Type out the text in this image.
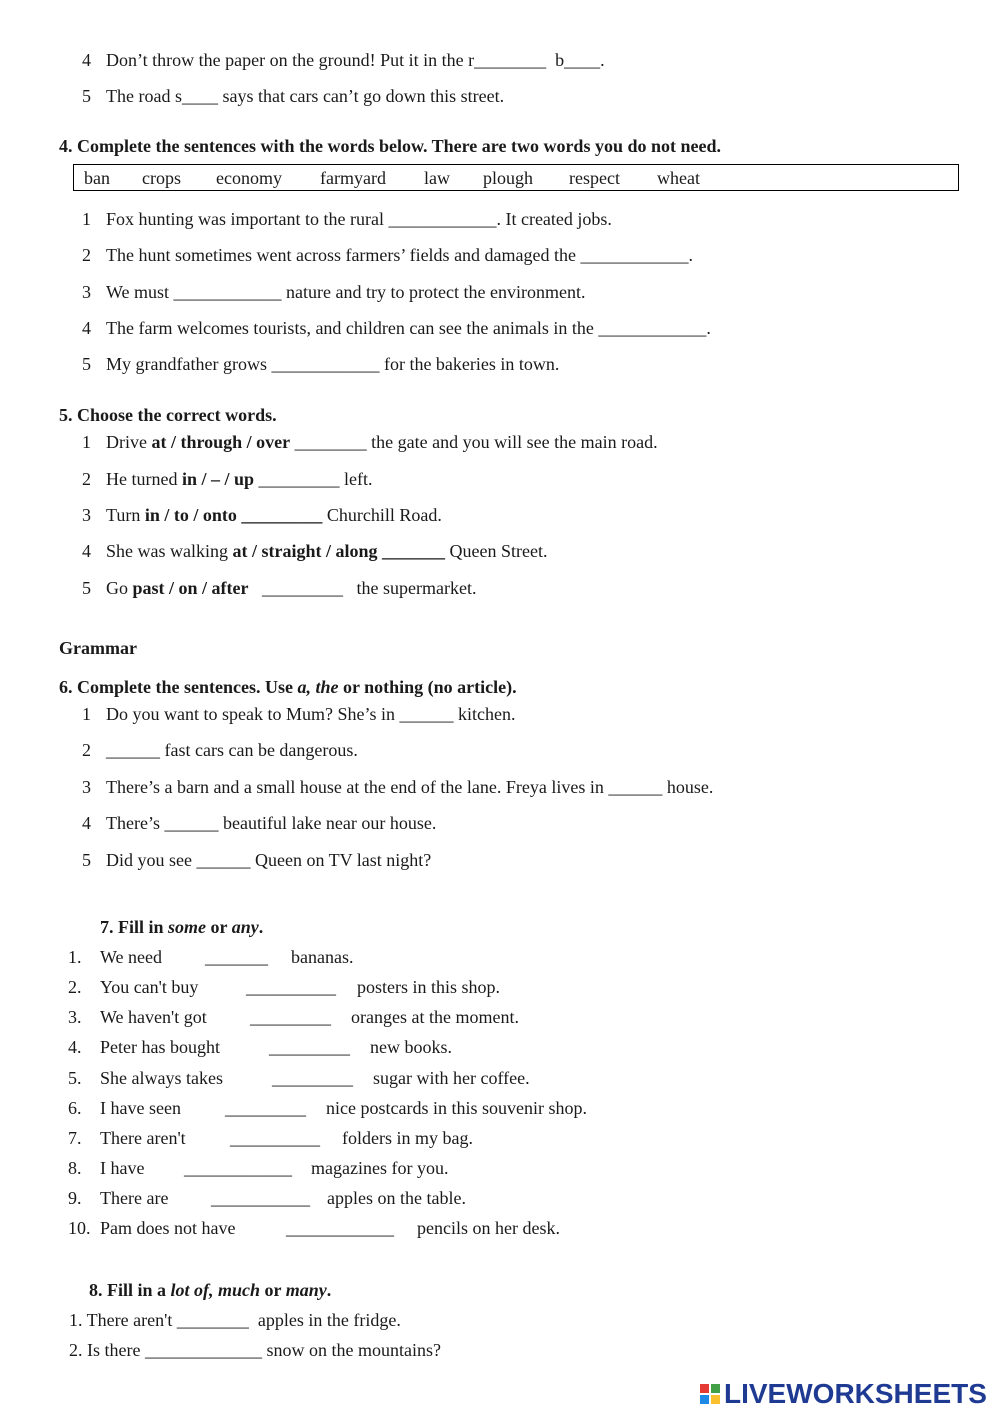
4 Don’t throw the paper on the ground! Put it in the r________  b____.
5 The road s____ says that cars can’t go down this street.
4. Complete the sentences with the words below. There are two words you do not need.
ban crops economy farmyard law plough respect wheat
1 Fox hunting was important to the rural ____________. It created jobs.
2 The hunt sometimes went across farmers’ fields and damaged the ____________.
3 We must ____________ nature and try to protect the environment.
4 The farm welcomes tourists, and children can see the animals in the ____________.
5 My grandfather grows ____________ for the bakeries in town.
5. Choose the correct words.
1 Drive at / through / over ________ the gate and you will see the main road.
2 He turned in / – / up _________ left.
3 Turn in / to / onto _________ Churchill Road.
4 She was walking at / straight / along _______ Queen Street.
5 Go past / on / after   _________   the supermarket.
Grammar
6. Complete the sentences. Use a, the or nothing (no article).
1 Do you want to speak to Mum? She’s in ______ kitchen.
2 ______ fast cars can be dangerous.
3 There’s a barn and a small house at the end of the lane. Freya lives in ______ house.
4 There’s ______ beautiful lake near our house.
5 Did you see ______ Queen on TV last night?
7. Fill in some or any.
1. We need _______ bananas.
2. You can't buy	__________ posters in this shop.
3. We haven't got _________ oranges at the moment.
4. Peter has bought	_________ new books.
5. She always takes	_________ sugar with her coffee.
6. I have seen _________ nice postcards in this souvenir shop.
7. There aren't __________ folders in my bag.
8. I have ____________ magazines for you.
9. There are ___________ apples on the table.
10. Pam does not have	____________ pencils on her desk.
8. Fill in a lot of, much or many.
1. There aren't ________  apples in the fridge.
2. Is there _____________ snow on the mountains?
LIVEWORKSHEETS
